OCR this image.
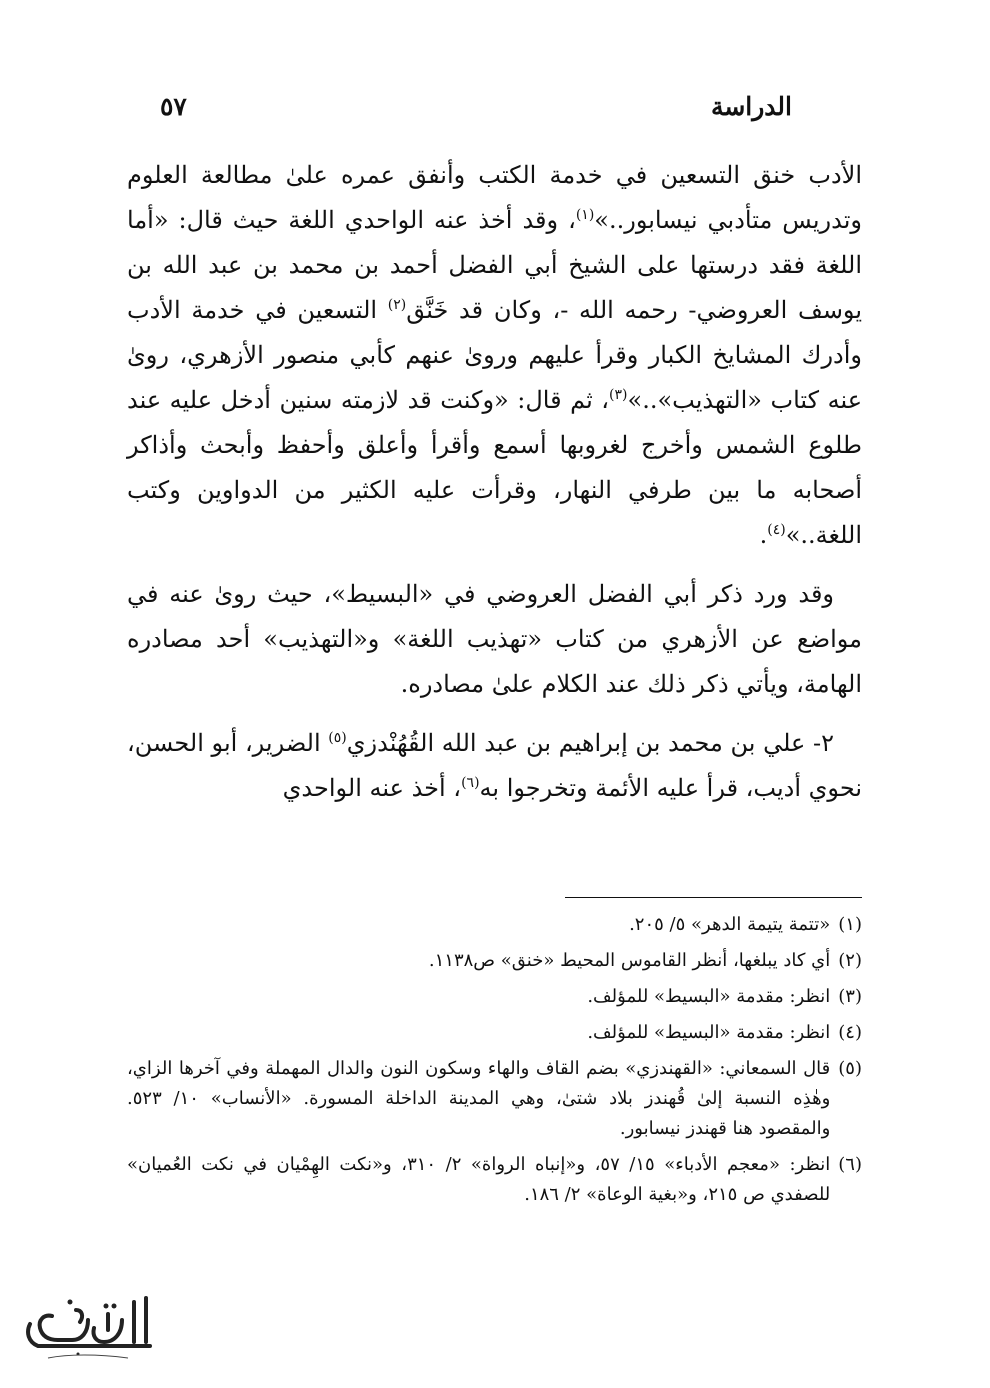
الدراسة
٥٧

الأدب خنق التسعين في خدمة الكتب وأنفق عمره علىٰ مطالعة العلوم وتدريس متأدبي نيسابور..»$^{(١)}$، وقد أخذ عنه الواحدي اللغة حيث قال: «أما اللغة فقد درستها على الشيخ أبي الفضل أحمد بن محمد بن عبد الله بن يوسف العروضي- رحمه الله -، وكان قد خَنَّق$^{(٢)}$ التسعين في خدمة الأدب وأدرك المشايخ الكبار وقرأ عليهم وروىٰ عنهم كأبي منصور الأزهري، روىٰ عنه كتاب «التهذيب»..»$^{(٣)}$، ثم قال: «وكنت قد لازمته سنين أدخل عليه عند طلوع الشمس وأخرج لغروبها أسمع وأقرأ وأعلق وأحفظ وأبحث وأذاكر أصحابه ما بين طرفي النهار، وقرأت عليه الكثير من الدواوين وكتب اللغة..»$^{(٤)}$.

وقد ورد ذكر أبي الفضل العروضي في «البسيط»، حيث روىٰ عنه في مواضع عن الأزهري من كتاب «تهذيب اللغة» و«التهذيب» أحد مصادره الهامة، ويأتي ذكر ذلك عند الكلام علىٰ مصادره.

٢- علي بن محمد بن إبراهيم بن عبد الله القُهُنْدزي$^{(٥)}$ الضرير، أبو الحسن، نحوي أديب، قرأ عليه الأئمة وتخرجوا به$^{(٦)}$، أخذ عنه الواحدي

(١)
«تتمة يتيمة الدهر» ٥/ ٢٠٥.
(٢)
أي كاد يبلغها، أنظر القاموس المحيط «خنق» ص١١٣٨.
(٣)
انظر: مقدمة «البسيط» للمؤلف.
(٤)
انظر: مقدمة «البسيط» للمؤلف.
(٥)
قال السمعاني: «القهندزي» بضم القاف والهاء وسكون النون والدال المهملة وفي آخرها الزاي، وهٰذِه النسبة إلىٰ قُهندز بلاد شتىٰ، وهي المدينة الداخلة المسورة. «الأنساب» ١٠/ ٥٢٣. والمقصود هنا قهندز نيسابور.
(٦)
انظر: «معجم الأدباء» ١٥/ ٥٧، و«إنباه الرواة» ٢/ ٣١٠، و«نكت الهِمْيان في نكت العُميان» للصفدي ص ٢١٥، و«بغية الوعاة» ٢/ ١٨٦.
